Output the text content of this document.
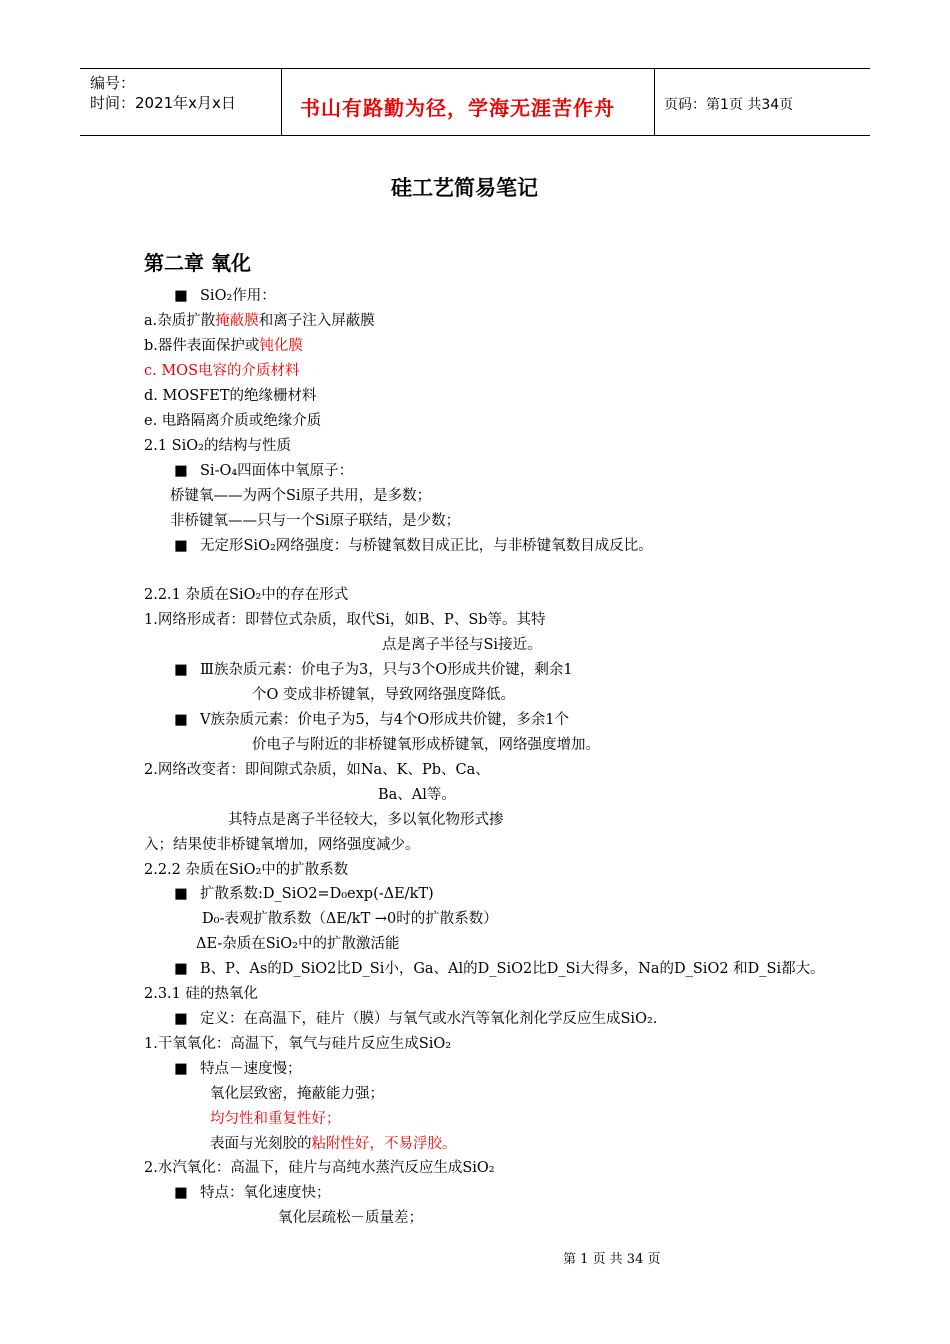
编号：
时间：2021年x月x日	书山有路勤为径，学海无涯苦作舟	页码：第1页 共34页
硅工艺简易笔记
第二章 氧化
■ SiO₂作用：
a.杂质扩散掩蔽膜和离子注入屏蔽膜
b.器件表面保护或钝化膜
c. MOS电容的介质材料
d. MOSFET的绝缘栅材料
e. 电路隔离介质或绝缘介质
2.1 SiO₂的结构与性质
■ Si-O₄四面体中氧原子：
桥键氧——为两个Si原子共用，是多数；
非桥键氧——只与一个Si原子联结，是少数；
■ 无定形SiO₂网络强度：与桥键氧数目成正比，与非桥键氧数目成反比。
2.2.1 杂质在SiO₂中的存在形式
1.网络形成者：即替位式杂质，取代Si，如B、P、Sb等。其特
点是离子半径与Si接近。
■ Ⅲ族杂质元素：价电子为3，只与3个O形成共价键，剩余1
个O 变成非桥键氧，导致网络强度降低。
■ Ⅴ族杂质元素：价电子为5，与4个O形成共价键，多余1个
价电子与附近的非桥键氧形成桥键氧，网络强度增加。
2.网络改变者：即间隙式杂质，如Na、K、Pb、Ca、
Ba、Al等。
其特点是离子半径较大，多以氧化物形式掺
入；结果使非桥键氧增加，网络强度减少。
2.2.2 杂质在SiO₂中的扩散系数
■ 扩散系数:D_SiO2=D₀exp(-ΔE/kT)
D₀-表观扩散系数（ΔE/kT →0时的扩散系数）
ΔE-杂质在SiO₂中的扩散激活能
■ B、P、As的D_SiO2比D_Si小，Ga、Al的D_SiO2比D_Si大得多，Na的D_SiO2 和D_Si都大。
2.3.1 硅的热氧化
■ 定义：在高温下，硅片（膜）与氧气或水汽等氧化剂化学反应生成SiO₂.
1.干氧氧化：高温下，氧气与硅片反应生成SiO₂
■ 特点－速度慢；
氧化层致密，掩蔽能力强；
均匀性和重复性好；
表面与光刻胶的粘附性好，不易浮胶。
2.水汽氧化：高温下，硅片与高纯水蒸汽反应生成SiO₂
■ 特点：氧化速度快；
氧化层疏松－质量差；
第 1 页 共 34 页
